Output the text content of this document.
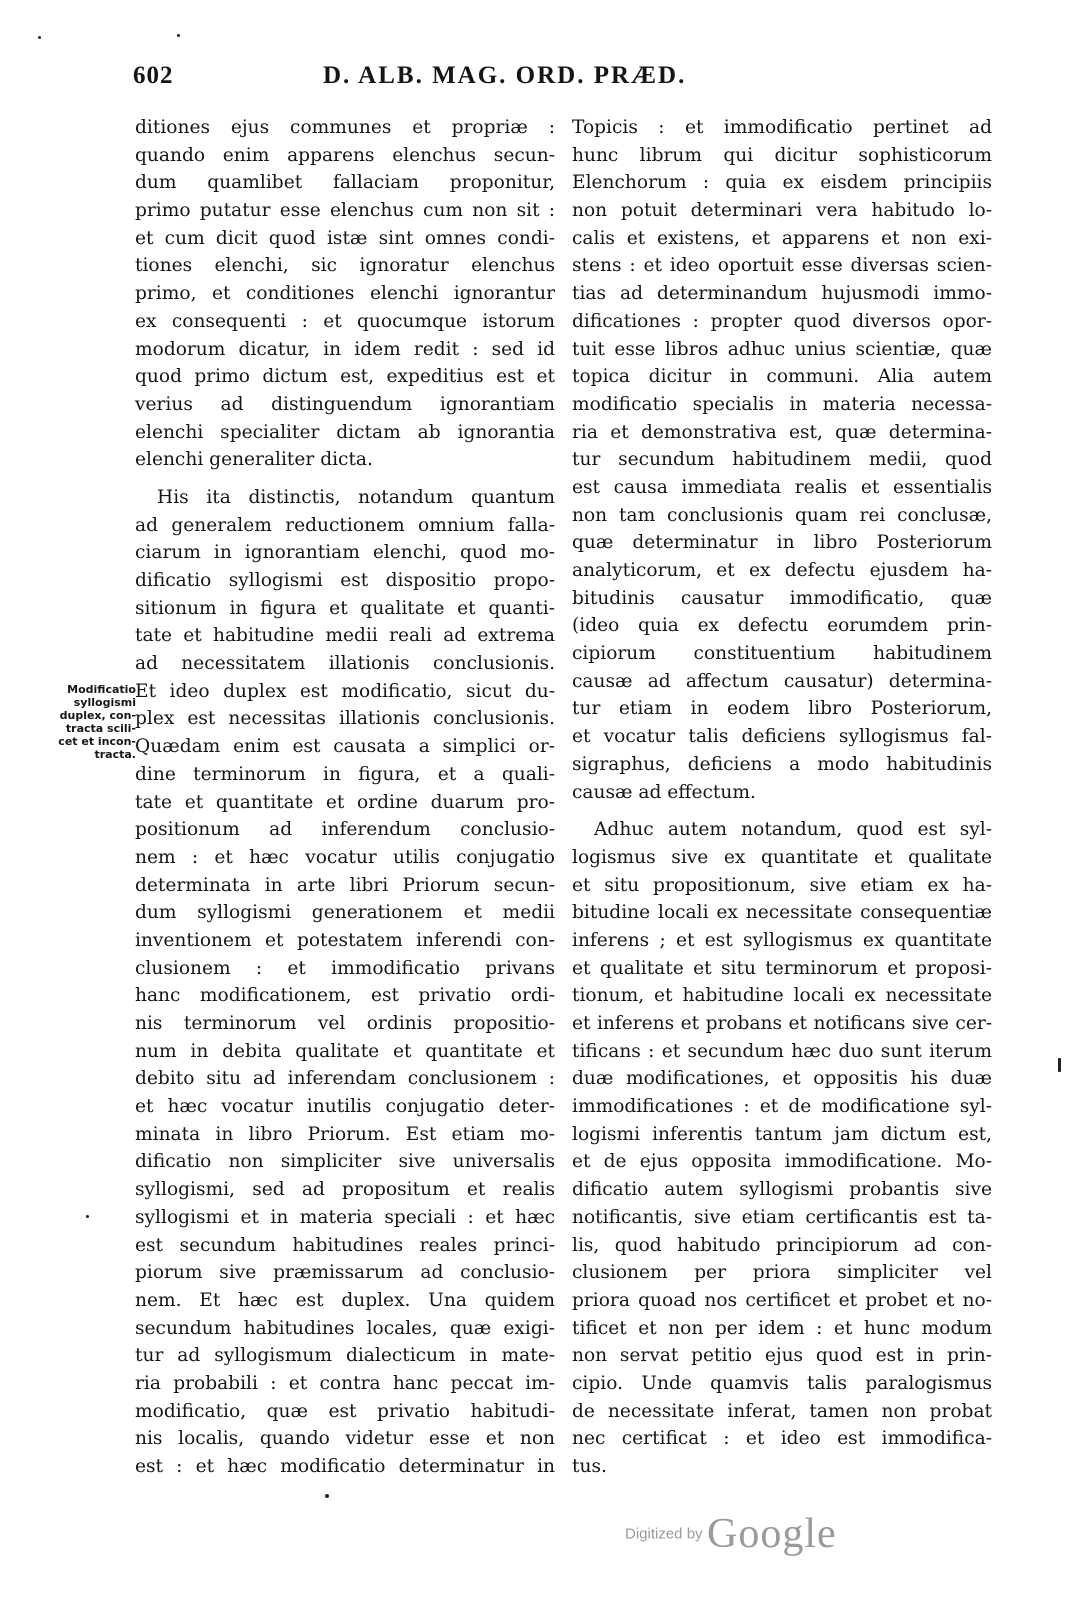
602	D. ALB. MAG. ORD. PRÆD.
Modificatio
syllogismi
duplex, con-
tracta scili-
cet et incon-
tracta.
ditiones ejus communes et propriæ :
quando enim apparens elenchus secun-
dum quamlibet fallaciam proponitur,
primo putatur esse elenchus cum non sit :
et cum dicit quod istæ sint omnes condi-
tiones elenchi, sic ignoratur elenchus
primo, et conditiones elenchi ignorantur
ex consequenti : et quocumque istorum
modorum dicatur, in idem redit : sed id
quod primo dictum est, expeditius est et
verius ad distinguendum ignorantiam
elenchi specialiter dictam ab ignorantia
elenchi generaliter dicta.
His ita distinctis, notandum quantum
ad generalem reductionem omnium falla-
ciarum in ignorantiam elenchi, quod mo-
dificatio syllogismi est dispositio propo-
sitionum in figura et qualitate et quanti-
tate et habitudine medii reali ad extrema
ad necessitatem illationis conclusionis.
Et ideo duplex est modificatio, sicut du-
plex est necessitas illationis conclusionis.
Quædam enim est causata a simplici or-
dine terminorum in figura, et a quali-
tate et quantitate et ordine duarum pro-
positionum ad inferendum conclusio-
nem : et hæc vocatur utilis conjugatio
determinata in arte libri Priorum secun-
dum syllogismi generationem et medii
inventionem et potestatem inferendi con-
clusionem : et immodificatio privans
hanc modificationem, est privatio ordi-
nis terminorum vel ordinis propositio-
num in debita qualitate et quantitate et
debito situ ad inferendam conclusionem :
et hæc vocatur inutilis conjugatio deter-
minata in libro Priorum. Est etiam mo-
dificatio non simpliciter sive universalis
syllogismi, sed ad propositum et realis
syllogismi et in materia speciali : et hæc
est secundum habitudines reales princi-
piorum sive præmissarum ad conclusio-
nem. Et hæc est duplex. Una quidem
secundum habitudines locales, quæ exigi-
tur ad syllogismum dialecticum in mate-
ria probabili : et contra hanc peccat im-
modificatio, quæ est privatio habitudi-
nis localis, quando videtur esse et non
est : et hæc modificatio determinatur in
Topicis : et immodificatio pertinet ad
hunc librum qui dicitur sophisticorum
Elenchorum : quia ex eisdem principiis
non potuit determinari vera habitudo lo-
calis et existens, et apparens et non exi-
stens : et ideo oportuit esse diversas scien-
tias ad determinandum hujusmodi immo-
dificationes : propter quod diversos opor-
tuit esse libros adhuc unius scientiæ, quæ
topica dicitur in communi. Alia autem
modificatio specialis in materia necessa-
ria et demonstrativa est, quæ determina-
tur secundum habitudinem medii, quod
est causa immediata realis et essentialis
non tam conclusionis quam rei conclusæ,
quæ determinatur in libro Posteriorum
analyticorum, et ex defectu ejusdem ha-
bitudinis causatur immodificatio, quæ
(ideo quia ex defectu eorumdem prin-
cipiorum constituentium habitudinem
causæ ad affectum causatur) determina-
tur etiam in eodem libro Posteriorum,
et vocatur talis deficiens syllogismus fal-
sigraphus, deficiens a modo habitudinis
causæ ad effectum.
Adhuc autem notandum, quod est syl-
logismus sive ex quantitate et qualitate
et situ propositionum, sive etiam ex ha-
bitudine locali ex necessitate consequentiæ
inferens ; et est syllogismus ex quantitate
et qualitate et situ terminorum et proposi-
tionum, et habitudine locali ex necessitate
et inferens et probans et notificans sive cer-
tificans : et secundum hæc duo sunt iterum
duæ modificationes, et oppositis his duæ
immodificationes : et de modificatione syl-
logismi inferentis tantum jam dictum est,
et de ejus opposita immodificatione. Mo-
dificatio autem syllogismi probantis sive
notificantis, sive etiam certificantis est ta-
lis, quod habitudo principiorum ad con-
clusionem per priora simpliciter vel
priora quoad nos certificet et probet et no-
tificet et non per idem : et hunc modum
non servat petitio ejus quod est in prin-
cipio. Unde quamvis talis paralogismus
de necessitate inferat, tamen non probat
nec certificat : et ideo est immodifica-
tus.
Digitized by Google
